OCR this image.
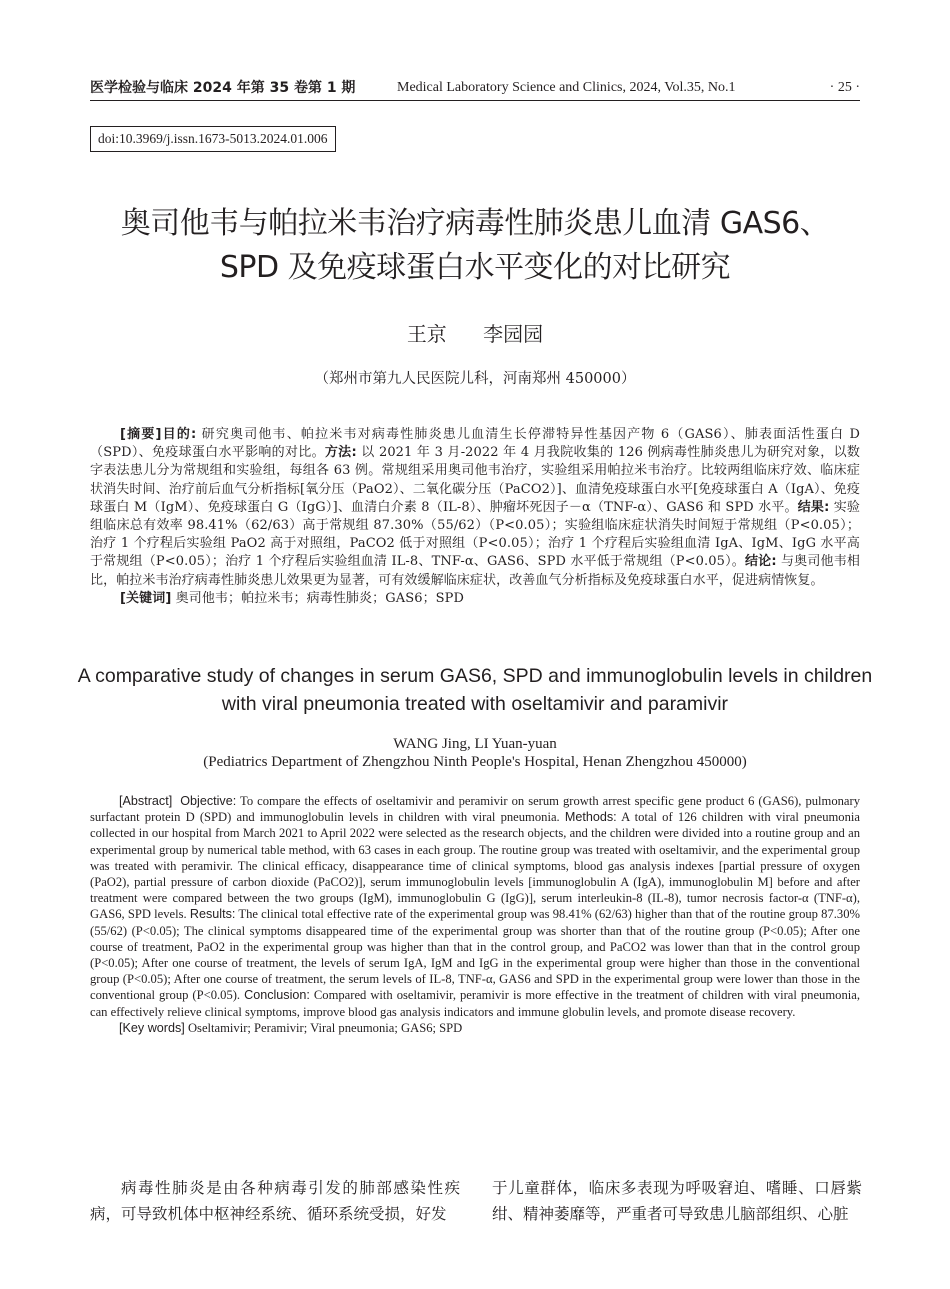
医学检验与临床 2024 年第 35 卷第 1 期	Medical Laboratory Science and Clinics, 2024, Vol.35, No.1	· 25 ·
doi:10.3969/j.issn.1673-5013.2024.01.006
奥司他韦与帕拉米韦治疗病毒性肺炎患儿血清 GAS6、
SPD 及免疫球蛋白水平变化的对比研究
王京 李园园
（郑州市第九人民医院儿科，河南郑州 450000）

[摘要]目的: 研究奥司他韦、帕拉米韦对病毒性肺炎患儿血清生长停滞特异性基因产物 6（GAS6）、肺表面活性蛋白 D（SPD）、免疫球蛋白水平影响的对比。方法: 以 2021 年 3 月-2022 年 4 月我院收集的 126 例病毒性肺炎患儿为研究对象，以数字表法患儿分为常规组和实验组，每组各 63 例。常规组采用奥司他韦治疗，实验组采用帕拉米韦治疗。比较两组临床疗效、临床症状消失时间、治疗前后血气分析指标[氧分压（PaO2）、二氧化碳分压（PaCO2）]、血清免疫球蛋白水平[免疫球蛋白 A（IgA）、免疫球蛋白 M（IgM）、免疫球蛋白 G（IgG）]、血清白介素 8（IL-8）、肿瘤坏死因子－α（TNF-α）、GAS6 和 SPD 水平。结果: 实验组临床总有效率 98.41%（62/63）高于常规组 87.30%（55/62）（P<0.05）；实验组临床症状消失时间短于常规组（P<0.05）；治疗 1 个疗程后实验组 PaO2 高于对照组，PaCO2 低于对照组（P<0.05）；治疗 1 个疗程后实验组血清 IgA、IgM、IgG 水平高于常规组（P<0.05）；治疗 1 个疗程后实验组血清 IL-8、TNF-α、GAS6、SPD 水平低于常规组（P<0.05）。结论: 与奥司他韦相比，帕拉米韦治疗病毒性肺炎患儿效果更为显著，可有效缓解临床症状，改善血气分析指标及免疫球蛋白水平，促进病情恢复。

[关键词] 奥司他韦；帕拉米韦；病毒性肺炎；GAS6；SPD

A comparative study of changes in serum GAS6, SPD and immunoglobulin levels in children
with viral pneumonia treated with oseltamivir and paramivir
WANG Jing, LI Yuan-yuan
(Pediatrics Department of Zhengzhou Ninth People's Hospital, Henan Zhengzhou 450000)

[Abstract] Objective: To compare the effects of oseltamivir and peramivir on serum growth arrest specific gene product 6 (GAS6), pulmonary surfactant protein D (SPD) and immunoglobulin levels in children with viral pneumonia. Methods: A total of 126 children with viral pneumonia collected in our hospital from March 2021 to April 2022 were selected as the research objects, and the children were divided into a routine group and an experimental group by numerical table method, with 63 cases in each group. The routine group was treated with oseltamivir, and the experimental group was treated with peramivir. The clinical efficacy, disappearance time of clinical symptoms, blood gas analysis indexes [partial pressure of oxygen (PaO2), partial pressure of carbon dioxide (PaCO2)], serum immunoglobulin levels [immunoglobulin A (IgA), immunoglobulin M] before and after treatment were compared between the two groups (IgM), immunoglobulin G (IgG)], serum interleukin-8 (IL-8), tumor necrosis factor-α (TNF-α), GAS6, SPD levels. Results: The clinical total effective rate of the experimental group was 98.41% (62/63) higher than that of the routine group 87.30% (55/62) (P<0.05); The clinical symptoms disappeared time of the experimental group was shorter than that of the routine group (P<0.05); After one course of treatment, PaO2 in the experimental group was higher than that in the control group, and PaCO2 was lower than that in the control group (P<0.05); After one course of treatment, the levels of serum IgA, IgM and IgG in the experimental group were higher than those in the conventional group (P<0.05); After one course of treatment, the serum levels of IL-8, TNF-α, GAS6 and SPD in the experimental group were lower than those in the conventional group (P<0.05). Conclusion: Compared with oseltamivir, peramivir is more effective in the treatment of children with viral pneumonia, can effectively relieve clinical symptoms, improve blood gas analysis indicators and immune globulin levels, and promote disease recovery.

[Key words] Oseltamivir; Peramivir; Viral pneumonia; GAS6; SPD

病毒性肺炎是由各种病毒引发的肺部感染性疾病，可导致机体中枢神经系统、循环系统受损，好发

于儿童群体，临床多表现为呼吸窘迫、嗜睡、口唇紫绀、精神萎靡等，严重者可导致患儿脑部组织、心脏
